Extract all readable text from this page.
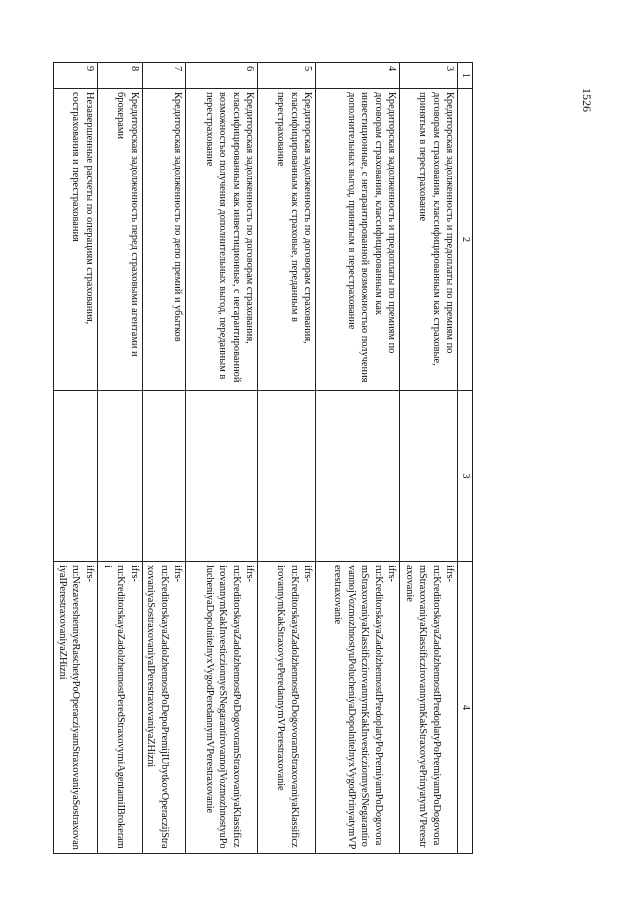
1526
1	2	3	4
3	Кредиторская задолженность и предоплаты по премиям по договорам страхования, классифицированным как страховые, принятым в перестрахование		ifrs-ru:KreditorskayaZadolzhennostIPredoplatyPoPremiyamPoDogovoramStraxovaniyaKlassificzirovannymKakStraxovyePrinyatymVPerestraxovanie
4	Кредиторская задолженность и предоплаты по премиям по договорам страхования, классифицированным как инвестиционные, с негарантированной возможностью получения дополнительных выгод, принятым в перестрахование		ifrs-ru:KreditorskayaZadolzhennostIPredoplatyPoPremiyamPoDogovoramStraxovaniyaKlassificzirovannymKakInvesticzionnyeSNegarantirovannojVozmozhnostyuPolucheniyaDopolnitelnyxVygodPrinyatymVPerestraxovanie
5	Кредиторская задолженность по договорам страхования, классифицированным как страховые, переданным в перестрахование		ifrs-ru:KreditorskayaZadolzhennostPoDogovoramStraxovaniyaKlassificzirovannymKakStraxovyePeredannymVPerestraxovanie
6	Кредиторская задолженность по договорам страхования, классифицированным как инвестиционные, с негарантированной возможностью получения дополнительных выгод, переданным в перестрахование		ifrs-ru:KreditorskayaZadolzhennostPoDogovoramStraxovaniyaKlassificzirovannymKakInvesticzionnyeSNegarantirovannojVozmozhnostyuPolucheniyaDopolnitelnyxVygodPeredannymVPerestraxovanie
7	Кредиторская задолженность по депо премий и убытков		ifrs-ru:KreditorskayaZadolzhennostPoDepoPremijIUbytkovOperaczijStraxovaniyaSostraxovaniyaIPerestraxovaniyaZHizni
8	Кредиторская задолженность перед страховыми агентами и брокерами		ifrs-ru:KreditorskayaZadolzhennostPeredStraxovymiAgentamiIBrokerami
9	Незавершенные расчеты по операциям страхования, сострахования и перестрахования		ifrs-ru:NezavershennyeRaschetyPoOperacziyamStraxovaniyaSostraxovaniyaIPerestraxovaniyaZHizni
